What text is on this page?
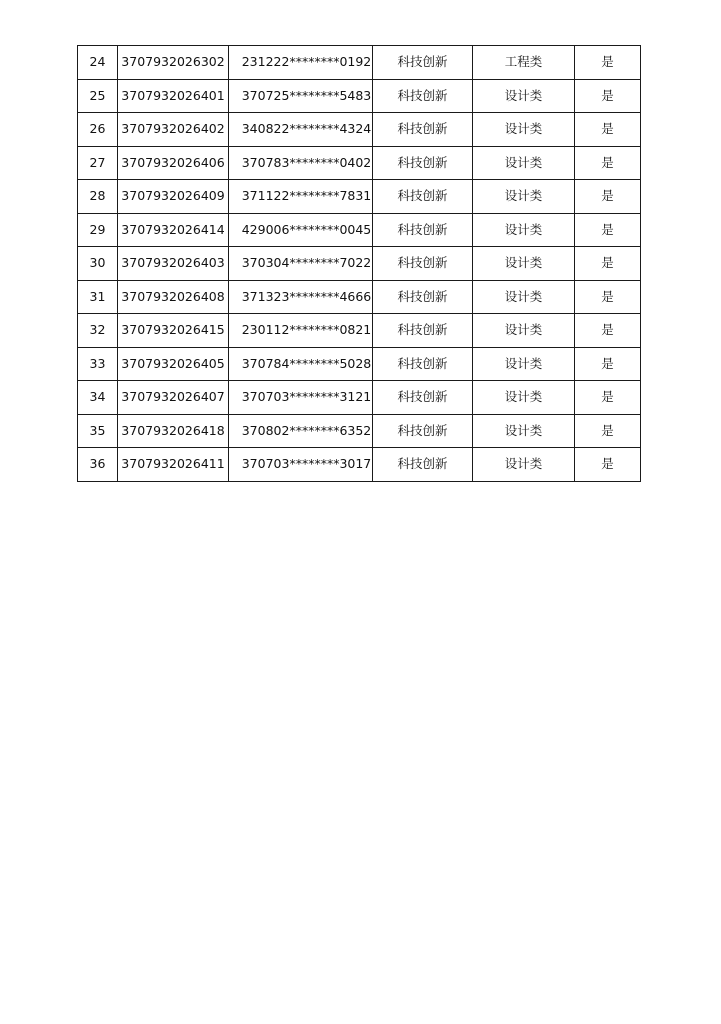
24	3707932026302	231222********0192	科技创新	工程类	是
25	3707932026401	370725********5483	科技创新	设计类	是
26	3707932026402	340822********4324	科技创新	设计类	是
27	3707932026406	370783********0402	科技创新	设计类	是
28	3707932026409	371122********7831	科技创新	设计类	是
29	3707932026414	429006********0045	科技创新	设计类	是
30	3707932026403	370304********7022	科技创新	设计类	是
31	3707932026408	371323********4666	科技创新	设计类	是
32	3707932026415	230112********0821	科技创新	设计类	是
33	3707932026405	370784********5028	科技创新	设计类	是
34	3707932026407	370703********3121	科技创新	设计类	是
35	3707932026418	370802********6352	科技创新	设计类	是
36	3707932026411	370703********3017	科技创新	设计类	是
